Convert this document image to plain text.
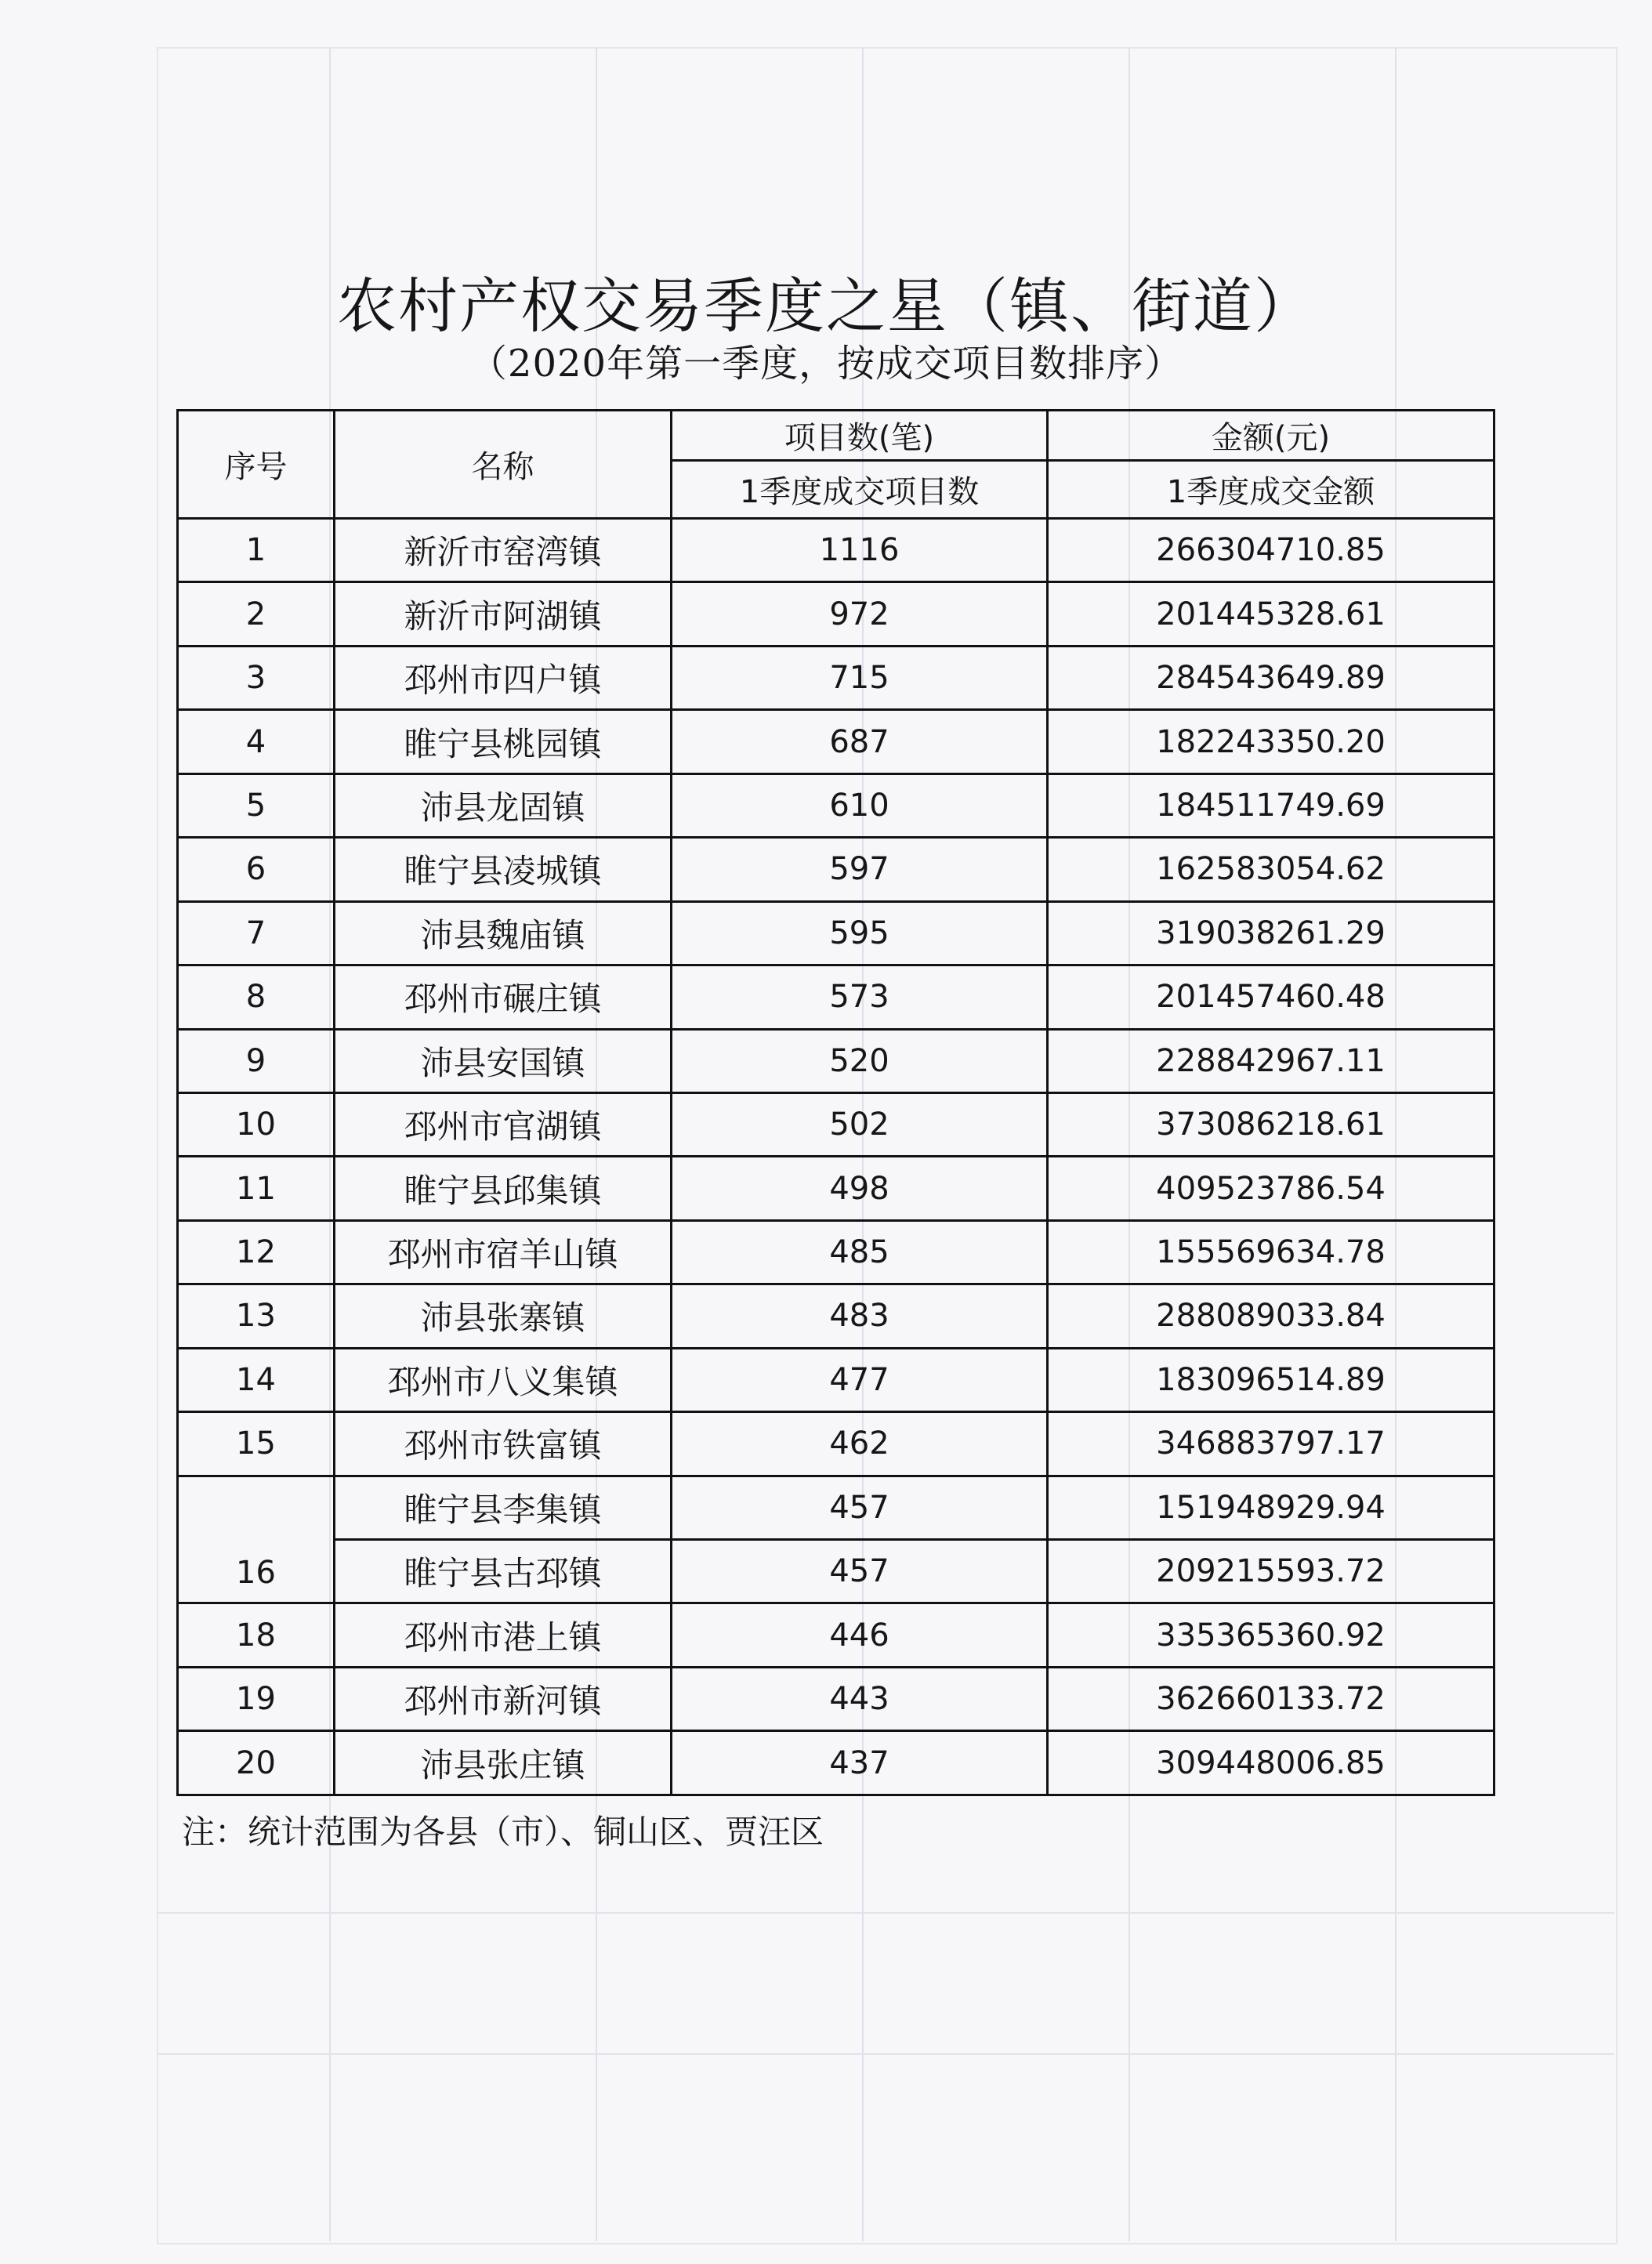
农村产权交易季度之星（镇、街道）
（2020年第一季度，按成交项目数排序）
序号	名称	项目数(笔)	金额(元)
		1季度成交项目数	1季度成交金额
1	新沂市窑湾镇	1116	266304710.85
2	新沂市阿湖镇	972	201445328.61
3	邳州市四户镇	715	284543649.89
4	睢宁县桃园镇	687	182243350.20
5	沛县龙固镇	610	184511749.69
6	睢宁县凌城镇	597	162583054.62
7	沛县魏庙镇	595	319038261.29
8	邳州市碾庄镇	573	201457460.48
9	沛县安国镇	520	228842967.11
10	邳州市官湖镇	502	373086218.61
11	睢宁县邱集镇	498	409523786.54
12	邳州市宿羊山镇	485	155569634.78
13	沛县张寨镇	483	288089033.84
14	邳州市八义集镇	477	183096514.89
15	邳州市铁富镇	462	346883797.17
16	睢宁县李集镇	457	151948929.94
	睢宁县古邳镇	457	209215593.72
18	邳州市港上镇	446	335365360.92
19	邳州市新河镇	443	362660133.72
20	沛县张庄镇	437	309448006.85
注：统计范围为各县（市）、铜山区、贾汪区
